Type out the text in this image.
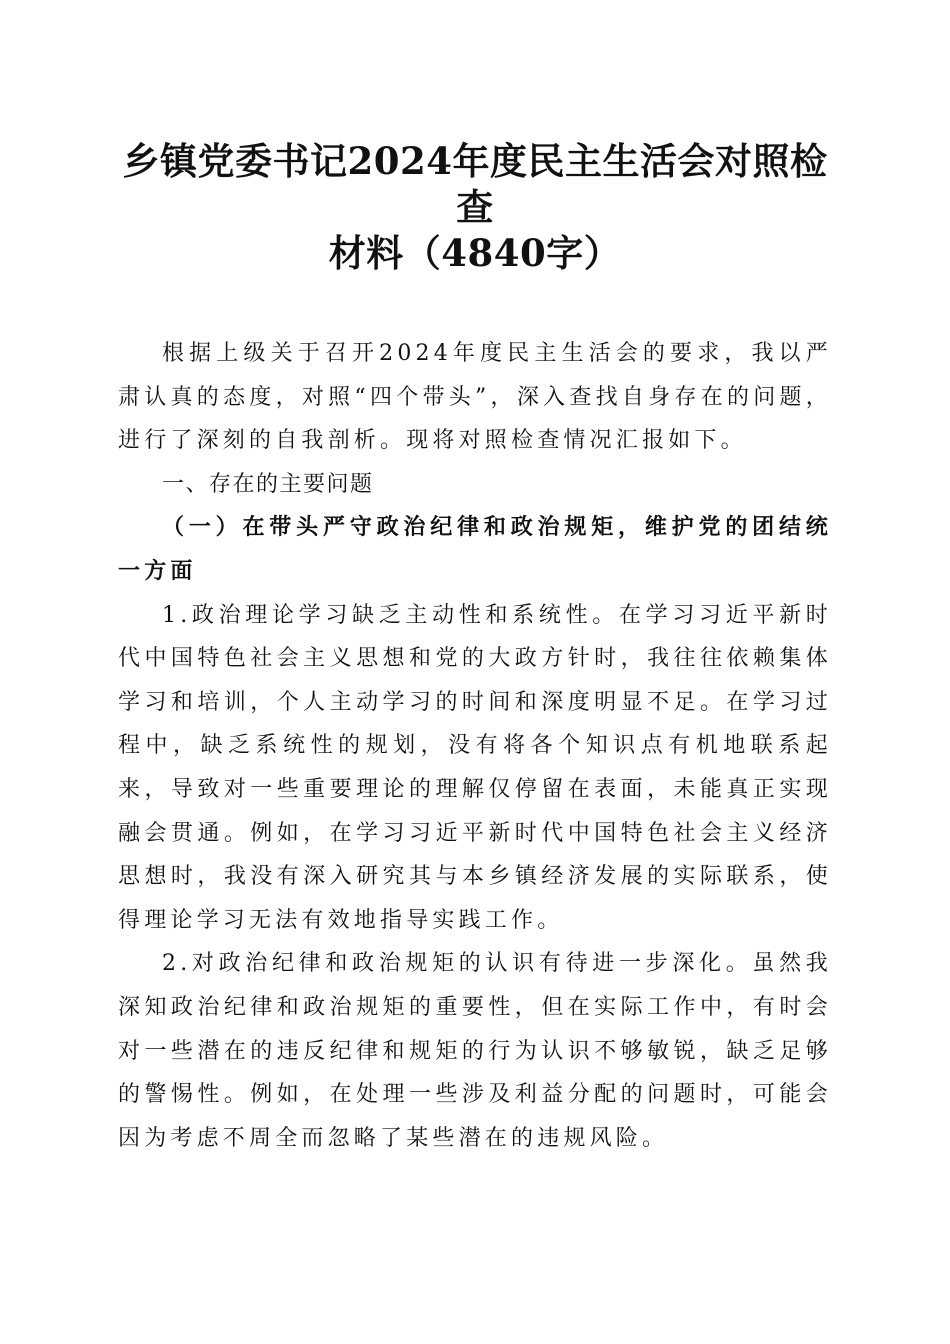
乡镇党委书记2024年度民主生活会对照检查
材料（4840字）

根据上级关于召开2024年度民主生活会的要求，我以严肃认真的态度，对照“四个带头”，深入查找自身存在的问题，进行了深刻的自我剖析。现将对照检查情况汇报如下。

一、存在的主要问题

（一）在带头严守政治纪律和政治规矩，维护党的团结统一方面

1.政治理论学习缺乏主动性和系统性。在学习习近平新时代中国特色社会主义思想和党的大政方针时，我往往依赖集体学习和培训，个人主动学习的时间和深度明显不足。在学习过程中，缺乏系统性的规划，没有将各个知识点有机地联系起来，导致对一些重要理论的理解仅停留在表面，未能真正实现融会贯通。例如，在学习习近平新时代中国特色社会主义经济思想时，我没有深入研究其与本乡镇经济发展的实际联系，使得理论学习无法有效地指导实践工作。

2.对政治纪律和政治规矩的认识有待进一步深化。虽然我深知政治纪律和政治规矩的重要性，但在实际工作中，有时会对一些潜在的违反纪律和规矩的行为认识不够敏锐，缺乏足够的警惕性。例如，在处理一些涉及利益分配的问题时，可能会因为考虑不周全而忽略了某些潜在的违规风险。
